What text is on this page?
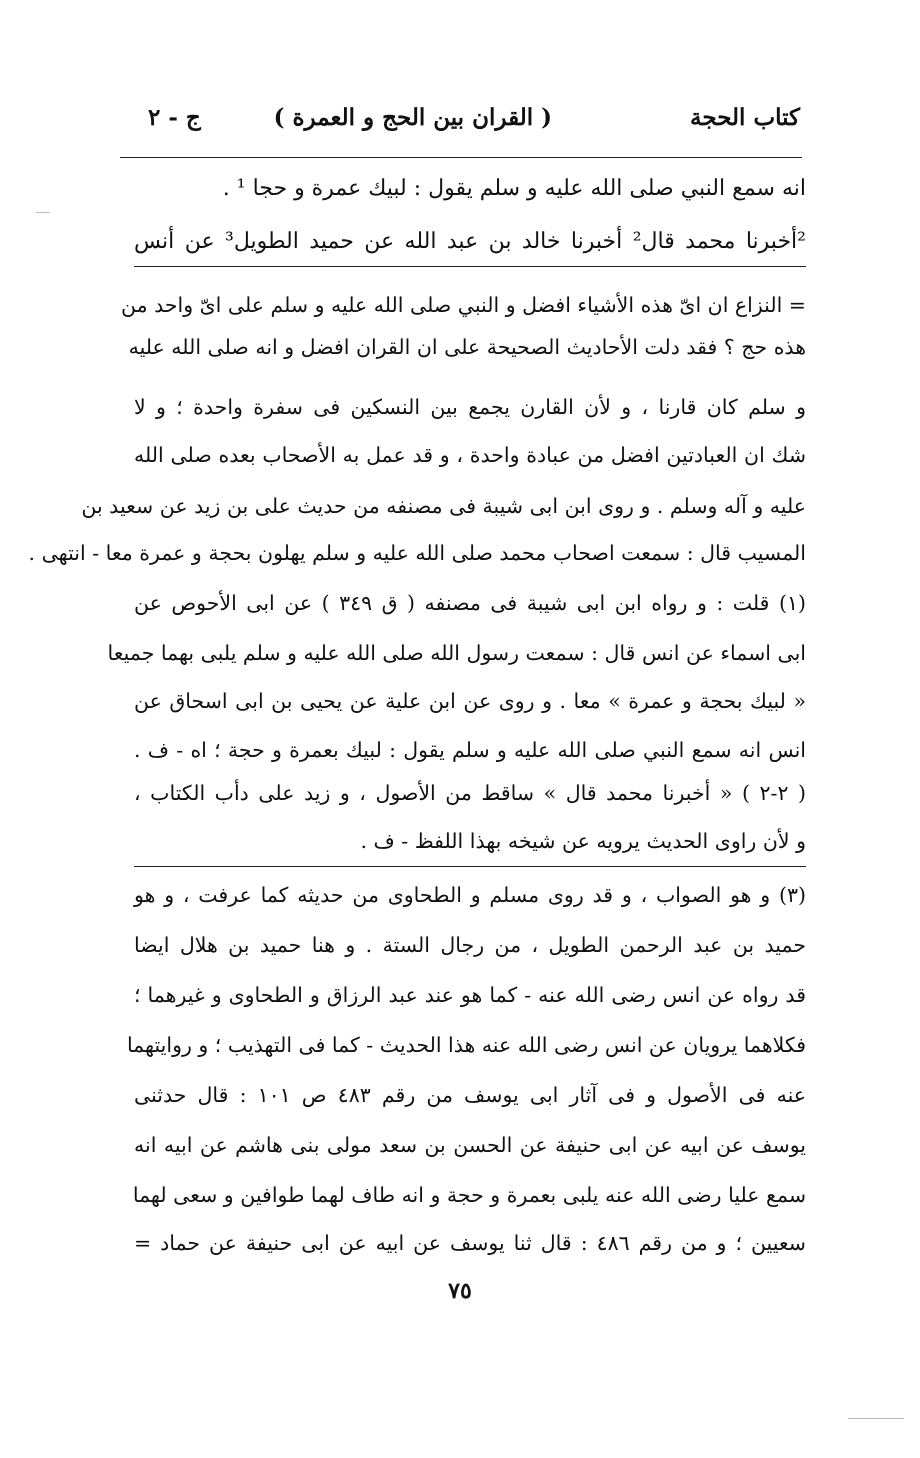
كتاب الحجة
( القران بين الحج و العمرة )
ج - ٢
انه سمع النبي صلى الله عليه و سلم يقول : لبيك عمرة و حجا ¹ .
²أخبرنا محمد قال² أخبرنا خالد بن عبد الله عن حميد الطويل³ عن أنس
= النزاع ان اىّ هذه الأشياء افضل و النبي صلى الله عليه و سلم على اىّ واحد من
هذه حج ؟ فقد دلت الأحاديث الصحيحة على ان القران افضل و انه صلى الله عليه
و سلم كان قارنا ، و لأن القارن يجمع بين النسكين فى سفرة واحدة ؛ و لا
شك ان العبادتين افضل من عبادة واحدة ، و قد عمل به الأصحاب بعده صلى الله
عليه و آله وسلم . و روى ابن ابى شيبة فى مصنفه من حديث على بن زيد عن سعيد بن
المسيب قال : سمعت اصحاب محمد صلى الله عليه و سلم يهلون بحجة و عمرة معا - انتهى .
(١) قلت : و رواه ابن ابى شيبة فى مصنفه ( ق ٣٤٩ ) عن ابى الأحوص عن
ابى اسماء عن انس قال : سمعت رسول الله صلى الله عليه و سلم يلبى بهما جميعا
« لبيك بحجة و عمرة » معا . و روى عن ابن علية عن يحيى بن ابى اسحاق عن
انس انه سمع النبي صلى الله عليه و سلم يقول : لبيك بعمرة و حجة ؛ اه - ف .
( ٢-٢ ) « أخبرنا محمد قال » ساقط من الأصول ، و زيد على دأب الكتاب ،
و لأن راوى الحديث يرويه عن شيخه بهذا اللفظ - ف .
(٣) و هو الصواب ، و قد روى مسلم و الطحاوى من حديثه كما عرفت ، و هو
حميد بن عبد الرحمن الطويل ، من رجال الستة . و هنا حميد بن هلال ايضا
قد رواه عن انس رضى الله عنه - كما هو عند عبد الرزاق و الطحاوى و غيرهما ؛
فكلاهما يرويان عن انس رضى الله عنه هذا الحديث - كما فى التهذيب ؛ و روايتهما
عنه فى الأصول و فى آثار ابى يوسف من رقم ٤٨٣ ص ١٠١ : قال حدثنى
يوسف عن ابيه عن ابى حنيفة عن الحسن بن سعد مولى بنى هاشم عن ابيه انه
سمع عليا رضى الله عنه يلبى بعمرة و حجة و انه طاف لهما طوافين و سعى لهما
سعيين ؛ و من رقم ٤٨٦ : قال ثنا يوسف عن ابيه عن ابى حنيفة عن حماد =
٧٥
